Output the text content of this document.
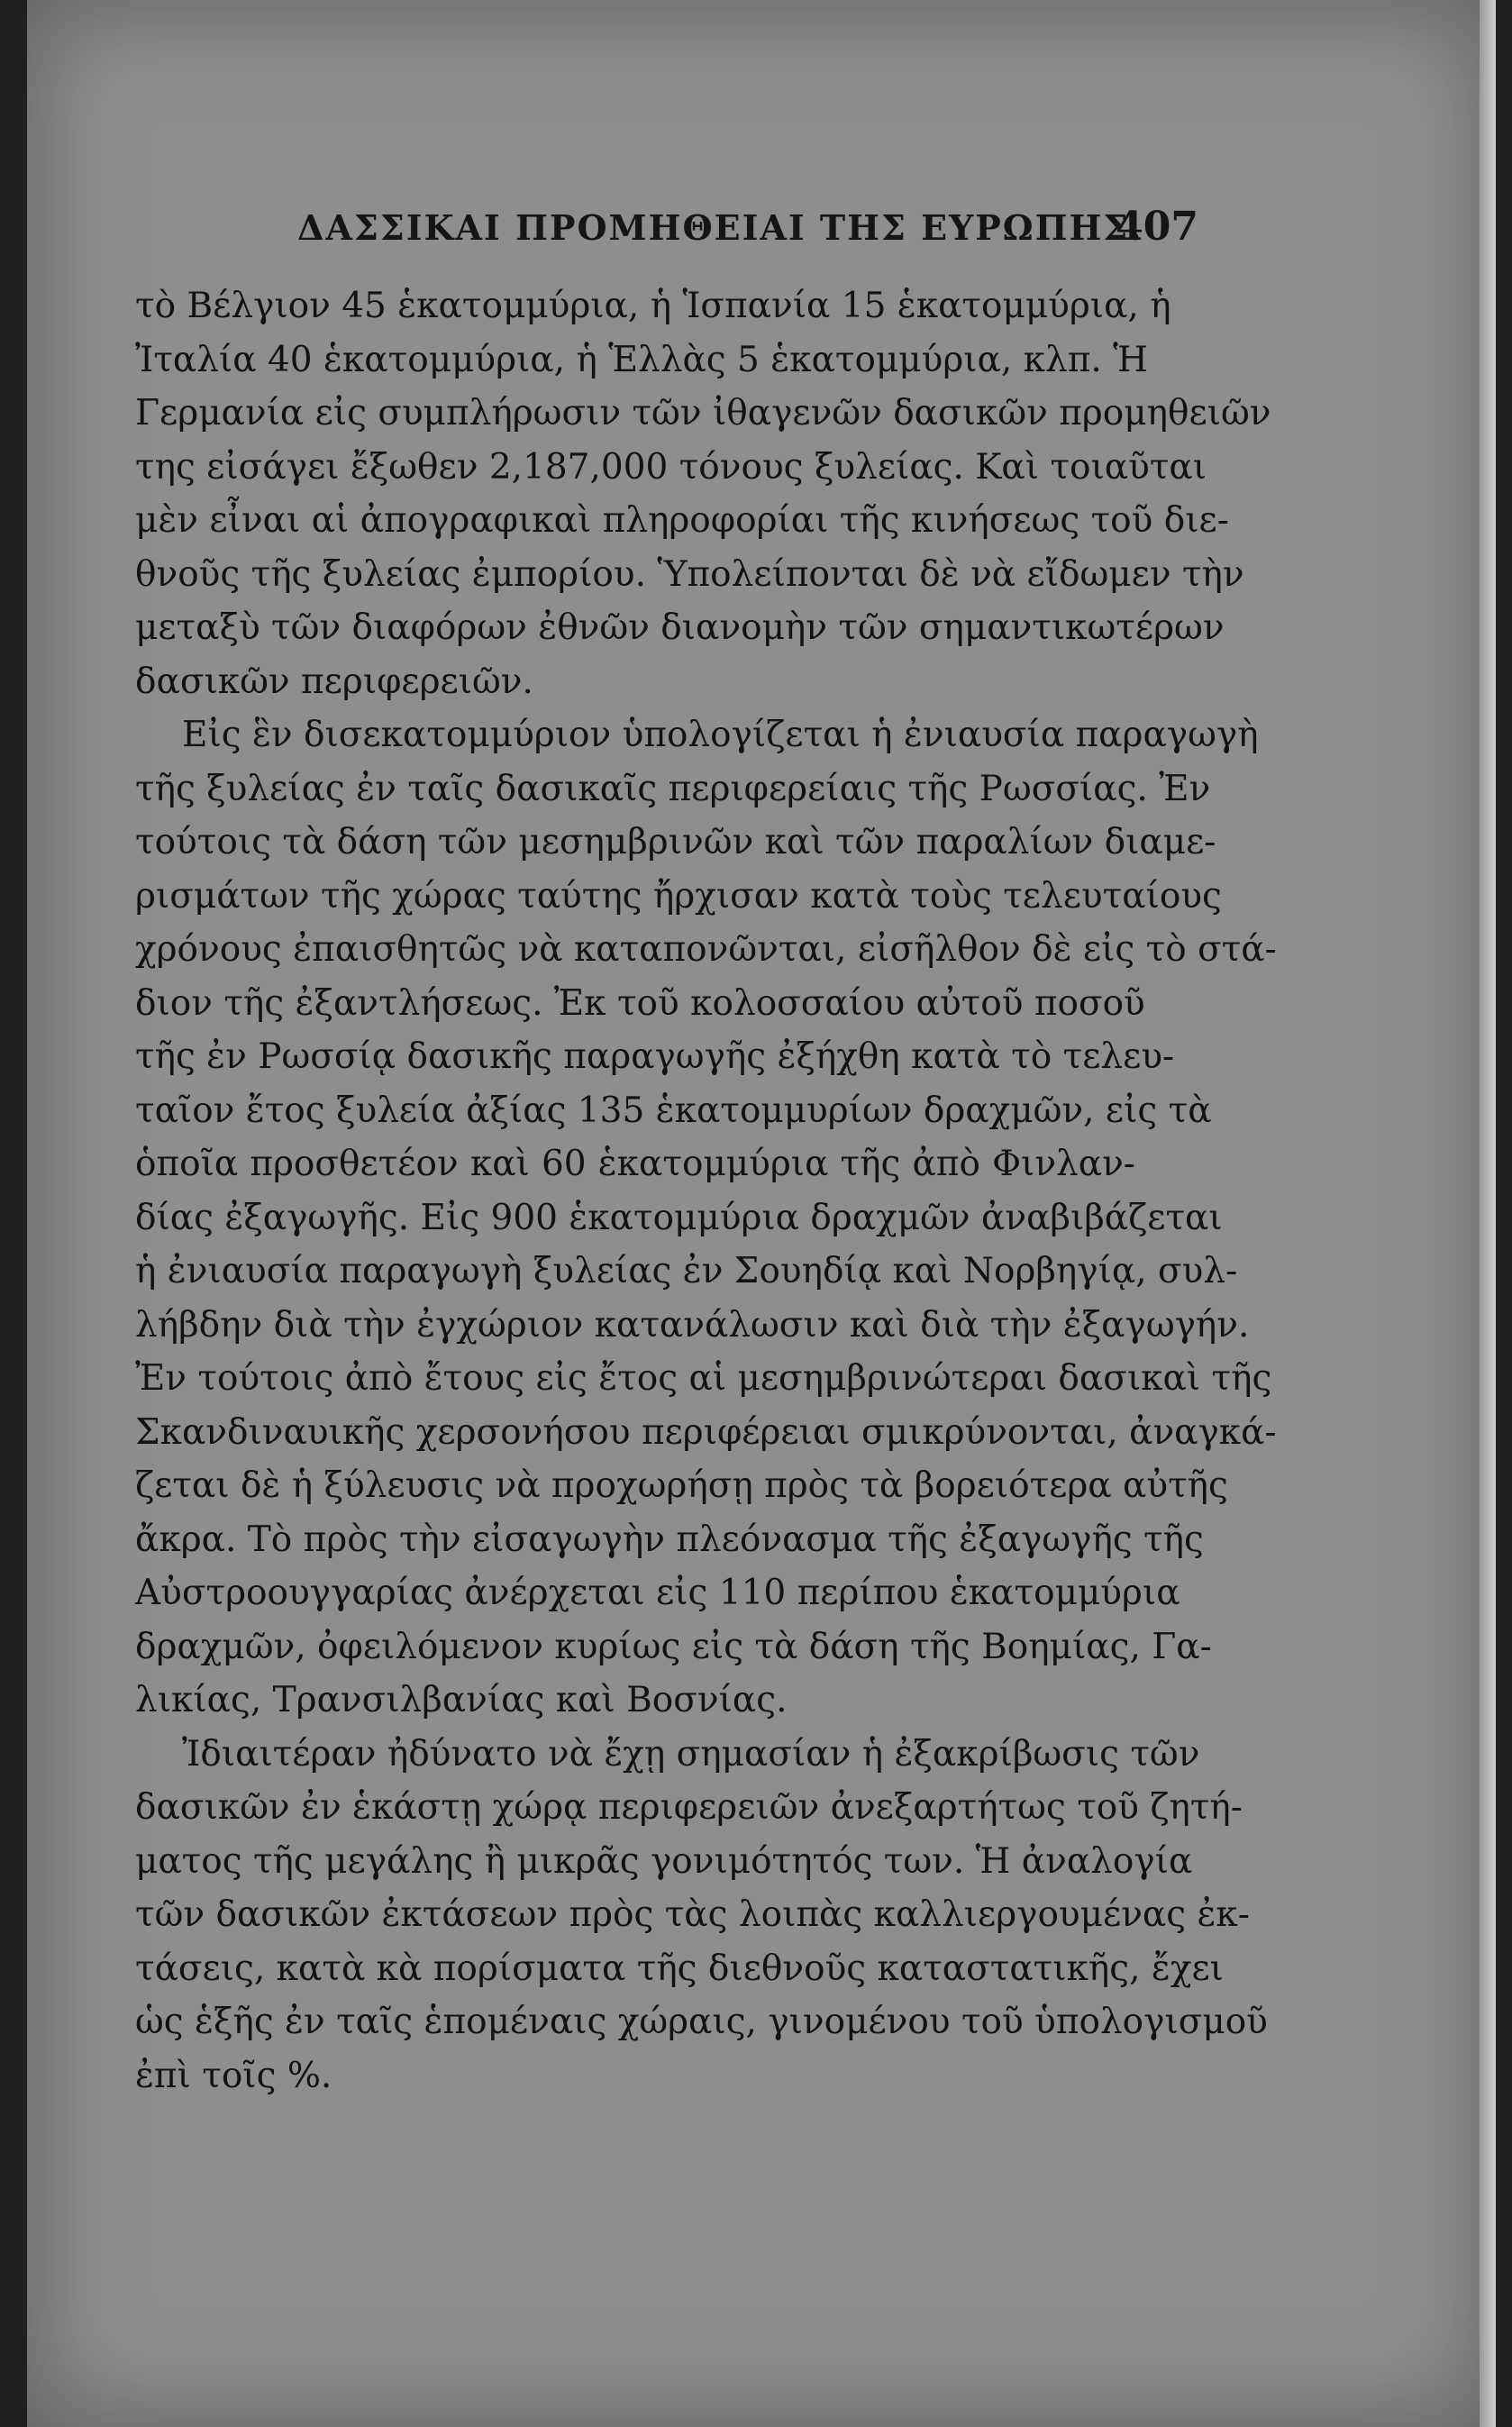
ΔΑΣΣΙΚΑΙ ΠΡΟΜΗΘΕΙΑΙ ΤΗΣ ΕΥΡΩΠΗΣ.
407
τὸ Βέλγιον 45 ἑκατομμύρια, ἡ Ἱσπανία 15 ἑκατομμύρια, ἡ
Ἰταλία 40 ἑκατομμύρια, ἡ Ἑλλὰς 5 ἑκατομμύρια, κλπ. Ἡ
Γερμανία εἰς συμπλήρωσιν τῶν ἰθαγενῶν δασικῶν προμηθειῶν
της εἰσάγει ἔξωθεν 2,187,000 τόνους ξυλείας. Καὶ τοιαῦται
μὲν εἶναι αἱ ἀπογραφικαὶ πληροφορίαι τῆς κινήσεως τοῦ διε-
θνοῦς τῆς ξυλείας ἐμπορίου. Ὑπολείπονται δὲ νὰ εἴδωμεν τὴν
μεταξὺ τῶν διαφόρων ἐθνῶν διανομὴν τῶν σημαντικωτέρων
δασικῶν περιφερειῶν.
Εἰς ἓν δισεκατομμύριον ὑπολογίζεται ἡ ἐνιαυσία παραγωγὴ
τῆς ξυλείας ἐν ταῖς δασικαῖς περιφερείαις τῆς Ρωσσίας. Ἐν
τούτοις τὰ δάση τῶν μεσημβρινῶν καὶ τῶν παραλίων διαμε-
ρισμάτων τῆς χώρας ταύτης ἤρχισαν κατὰ τοὺς τελευταίους
χρόνους ἐπαισθητῶς νὰ καταπονῶνται, εἰσῆλθον δὲ εἰς τὸ στά-
διον τῆς ἐξαντλήσεως. Ἐκ τοῦ κολοσσαίου αὐτοῦ ποσοῦ
τῆς ἐν Ρωσσίᾳ δασικῆς παραγωγῆς ἐξήχθη κατὰ τὸ τελευ-
ταῖον ἔτος ξυλεία ἀξίας 135 ἑκατομμυρίων δραχμῶν, εἰς τὰ
ὁποῖα προσθετέον καὶ 60 ἑκατομμύρια τῆς ἀπὸ Φινλαν-
δίας ἐξαγωγῆς. Εἰς 900 ἑκατομμύρια δραχμῶν ἀναβιβάζεται
ἡ ἐνιαυσία παραγωγὴ ξυλείας ἐν Σουηδίᾳ καὶ Νορβηγίᾳ, συλ-
λήβδην διὰ τὴν ἐγχώριον κατανάλωσιν καὶ διὰ τὴν ἐξαγωγήν.
Ἐν τούτοις ἀπὸ ἔτους εἰς ἔτος αἱ μεσημβρινώτεραι δασικαὶ τῆς
Σκανδιναυικῆς χερσονήσου περιφέρειαι σμικρύνονται, ἀναγκά-
ζεται δὲ ἡ ξύλευσις νὰ προχωρήσῃ πρὸς τὰ βορειότερα αὐτῆς
ἄκρα. Τὸ πρὸς τὴν εἰσαγωγὴν πλεόνασμα τῆς ἐξαγωγῆς τῆς
Αὐστροουγγαρίας ἀνέρχεται εἰς 110 περίπου ἑκατομμύρια
δραχμῶν, ὀφειλόμενον κυρίως εἰς τὰ δάση τῆς Βοημίας, Γα-
λικίας, Τρανσιλβανίας καὶ Βοσνίας.
Ἰδιαιτέραν ἠδύνατο νὰ ἔχῃ σημασίαν ἡ ἐξακρίβωσις τῶν
δασικῶν ἐν ἑκάστῃ χώρᾳ περιφερειῶν ἀνεξαρτήτως τοῦ ζητή-
ματος τῆς μεγάλης ἢ μικρᾶς γονιμότητός των. Ἡ ἀναλογία
τῶν δασικῶν ἐκτάσεων πρὸς τὰς λοιπὰς καλλιεργουμένας ἐκ-
τάσεις, κατὰ κὰ πορίσματα τῆς διεθνοῦς καταστατικῆς, ἔχει
ὡς ἑξῆς ἐν ταῖς ἑπομέναις χώραις, γινομένου τοῦ ὑπολογισμοῦ
ἐπὶ τοῖς %.
